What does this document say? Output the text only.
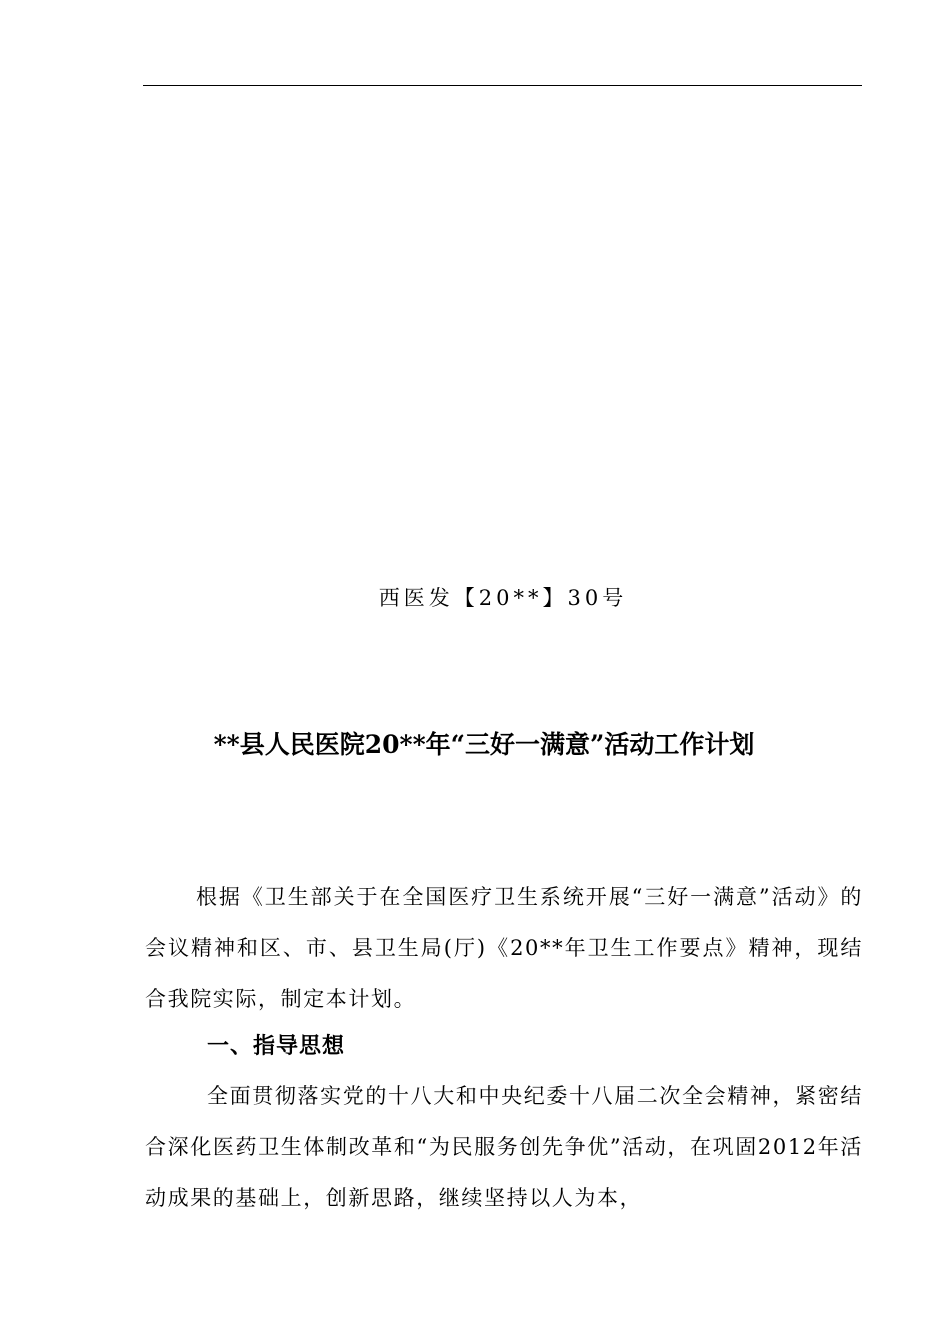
西医发【20**】30号
**县人民医院20**年“三好一满意”活动工作计划
根据《卫生部关于在全国医疗卫生系统开展“三好一满意”活动》的会议精神和区、市、县卫生局(厅)《20**年卫生工作要点》精神，现结合我院实际，制定本计划。
一、指导思想
全面贯彻落实党的十八大和中央纪委十八届二次全会精神，紧密结合深化医药卫生体制改革和“为民服务创先争优”活动，在巩固2012年活动成果的基础上，创新思路，继续坚持以人为本，
